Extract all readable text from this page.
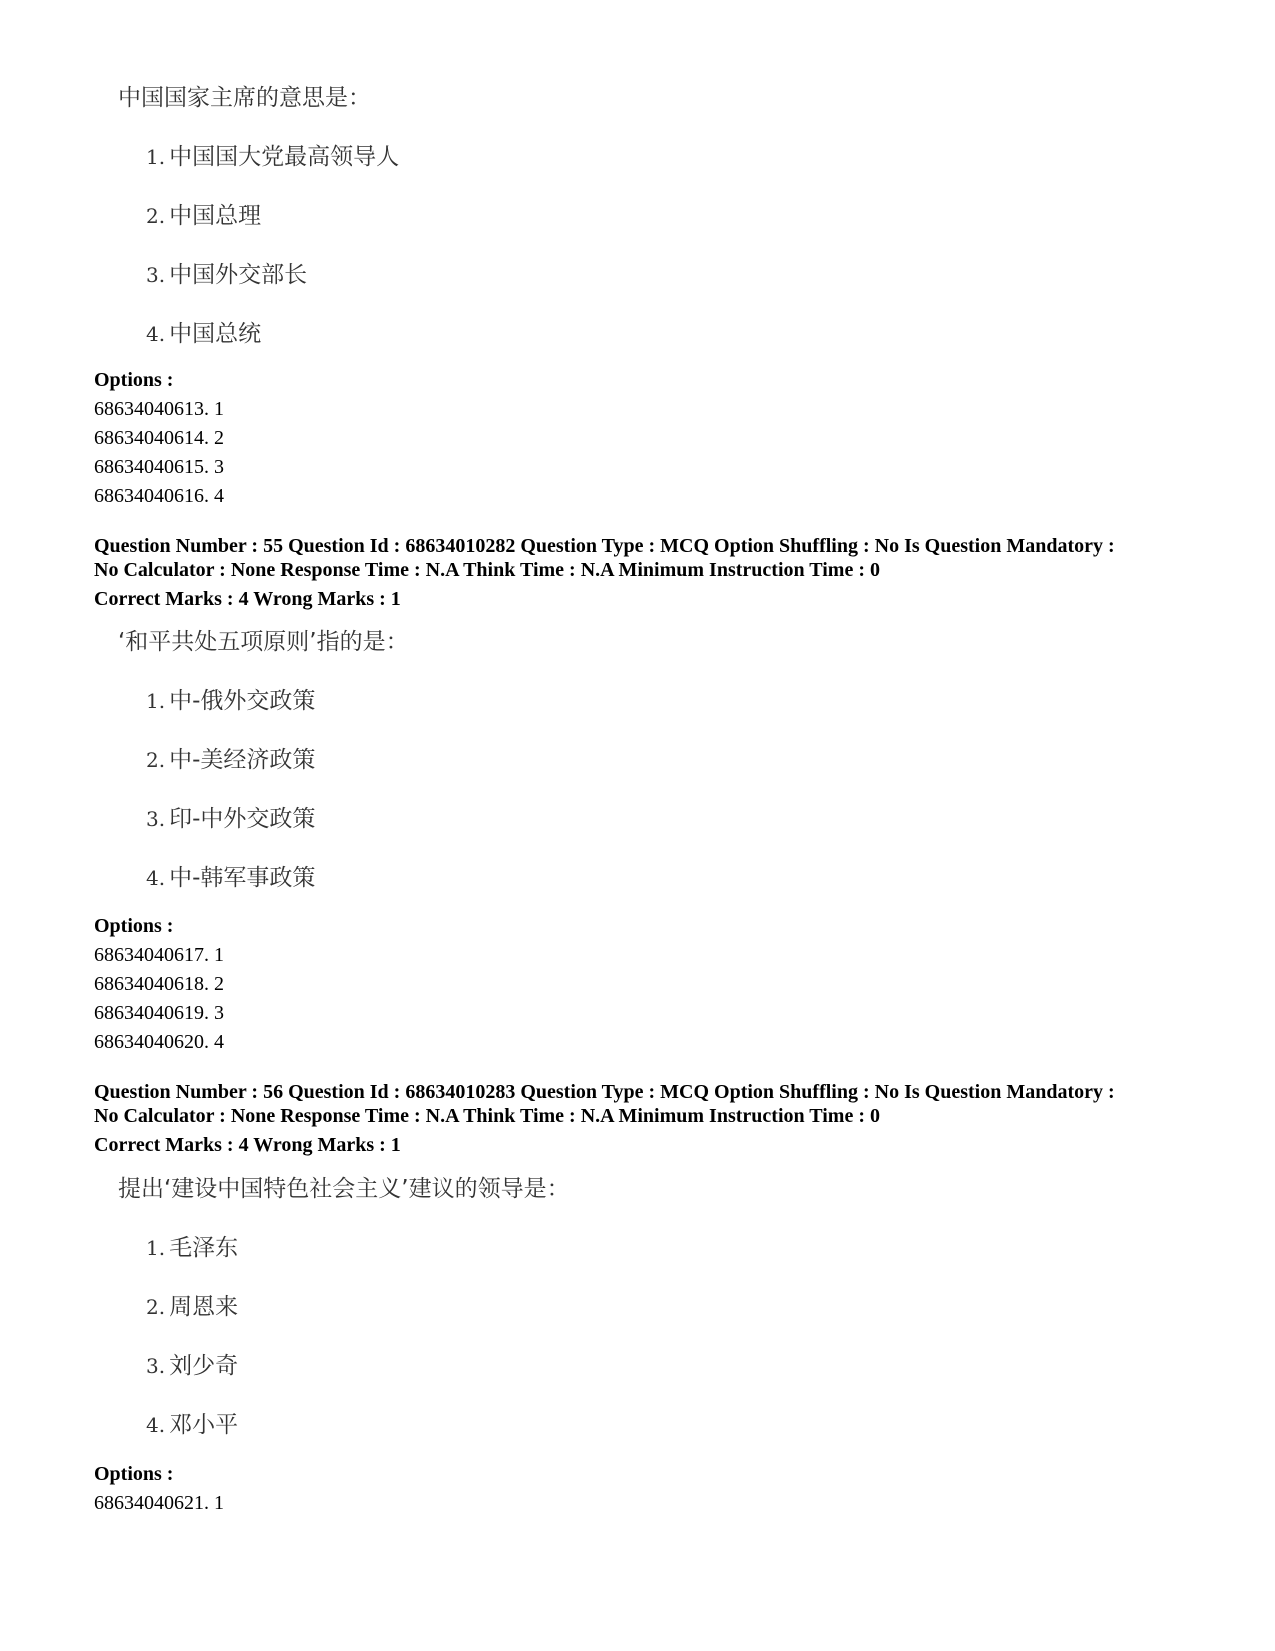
中国国家主席的意思是：
1. 中国国大党最高领导人
2. 中国总理
3. 中国外交部长
4. 中国总统
Options :
68634040613. 1
68634040614. 2
68634040615. 3
68634040616. 4
Question Number : 55 Question Id : 68634010282 Question Type : MCQ Option Shuffling : No Is Question Mandatory :
No Calculator : None Response Time : N.A Think Time : N.A Minimum Instruction Time : 0
Correct Marks : 4 Wrong Marks : 1
‘和平共处五项原则’指的是：
1. 中-俄外交政策
2. 中-美经济政策
3. 印-中外交政策
4. 中-韩军事政策
Options :
68634040617. 1
68634040618. 2
68634040619. 3
68634040620. 4
Question Number : 56 Question Id : 68634010283 Question Type : MCQ Option Shuffling : No Is Question Mandatory :
No Calculator : None Response Time : N.A Think Time : N.A Minimum Instruction Time : 0
Correct Marks : 4 Wrong Marks : 1
提出‘建设中国特色社会主义’建议的领导是：
1. 毛泽东
2. 周恩来
3. 刘少奇
4. 邓小平
Options :
68634040621. 1
